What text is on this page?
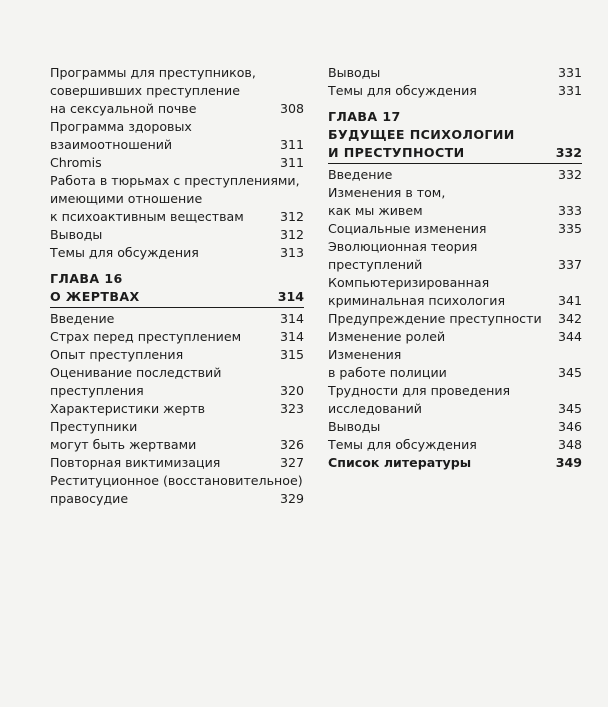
Программы для преступников,
совершивших преступление
на сексуальной почве	308
Программа здоровых
взаимоотношений	311
Chromis	311
Работа в тюрьмах с преступлениями,
имеющими отношение
к психоактивным веществам	312
Выводы	312
Темы для обсуждения	313
ГЛАВА 16
О ЖЕРТВАХ	314
Введение	314
Страх перед преступлением	314
Опыт преступления	315
Оценивание последствий
преступления	320
Характеристики жертв	323
Преступники
могут быть жертвами	326
Повторная виктимизация	327
Реституционное (восстановительное)
правосудие	329
Выводы	331
Темы для обсуждения	331
ГЛАВА 17
БУДУЩЕЕ ПСИХОЛОГИИ
И ПРЕСТУПНОСТИ	332
Введение	332
Изменения в том,
как мы живем	333
Социальные изменения	335
Эволюционная теория
преступлений	337
Компьютеризированная
криминальная психология	341
Предупреждение преступности	342
Изменение ролей	344
Изменения
в работе полиции	345
Трудности для проведения
исследований	345
Выводы	346
Темы для обсуждения	348
Список литературы	349
